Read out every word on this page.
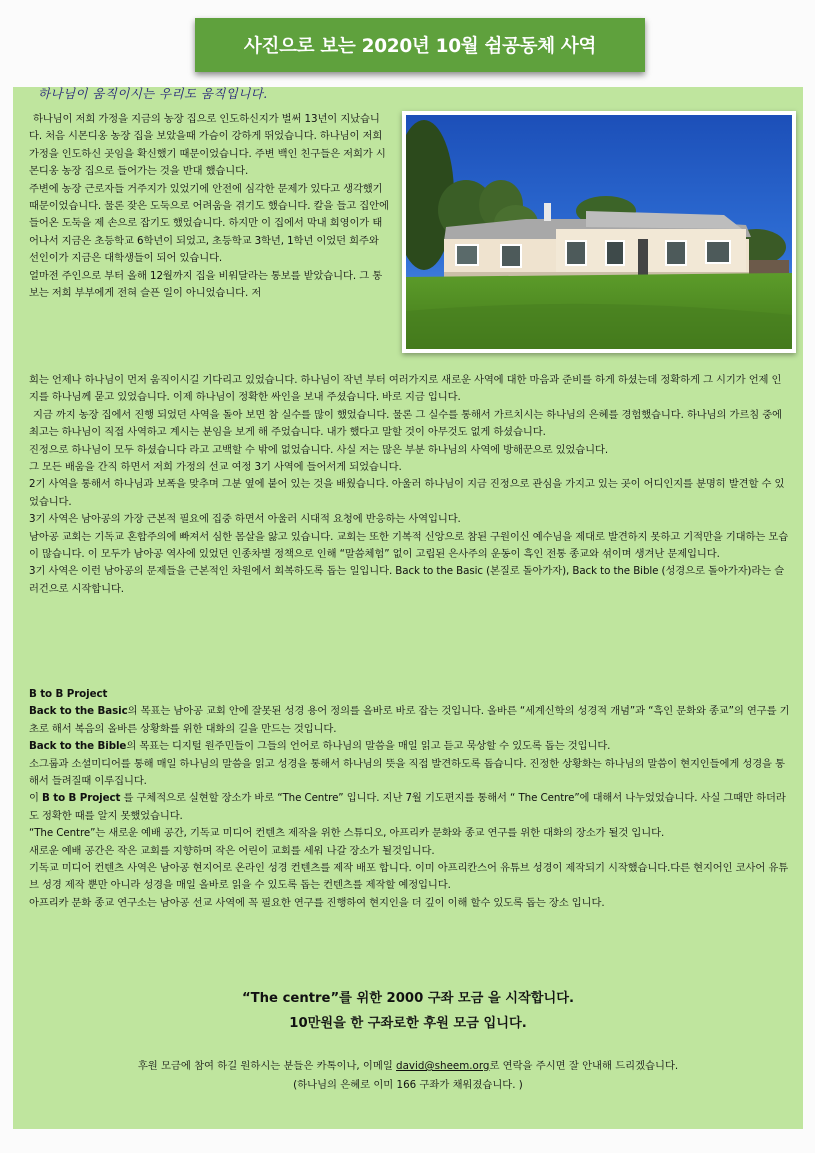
사진으로 보는 2020년 10월 쉼공동체 사역
하나님이 움직이시는 우리도 움직입니다.

하나님이 저희 가정을 지금의 농장 집으로 인도하신지가 벌써 13년이 지났습니다. 처음 시몬디옹 농장 집을 보았을때 가슴이 강하게 뛰었습니다. 하나님이 저희 가정을 인도하신 곳임을 확신했기 때문이었습니다. 주변 백인 친구들은 저희가 시몬디옹 농장 집으로 들어가는 것을 반대 했습니다.

주변에 농장 근로자들 거주지가 있었기에 안전에 심각한 문제가 있다고 생각했기 때문이었습니다. 물론 잦은 도둑으로 어려움을 겪기도 했습니다. 칼을 들고 집안에 들어온 도둑을 제 손으로 잡기도 했었습니다. 하지만 이 집에서 막내 희영이가 태어나서 지금은 초등학교 6학년이 되었고, 초등학교 3학년, 1학년 이었던 희주와 선인이가 지금은 대학생들이 되어 있습니다.

얼마전 주인으로 부터 올해 12월까지 집을 비워달라는 통보를 받았습니다. 그 통보는 저희 부부에게 전혀 슬픈 일이 아니었습니다. 저

희는 언제나 하나님이 먼저 움직이시길 기다리고 있었습니다. 하나님이 작년 부터 여러가지로 새로운 사역에 대한 마음과 준비를 하게 하셨는데 정확하게 그 시기가 언제 인지를 하나님께 묻고 있었습니다. 이제 하나님이 정확한 싸인을 보내 주셨습니다. 바로 지금 입니다.

지금 까지 농장 집에서 진행 되었던 사역을 돌아 보면 참 실수를 많이 했었습니다. 물론 그 실수를 통해서 가르치시는 하나님의 은혜를 경험했습니다. 하나님의 가르침 중에 최고는 하나님이 직접 사역하고 계시는 분임을 보게 해 주었습니다. 내가 했다고 말할 것이 아무것도 없게 하셨습니다.

진정으로 하나님이 모두 하셨습니다 라고 고백할 수 밖에 없었습니다. 사실 저는 많은 부분 하나님의 사역에 방해꾼으로 있었습니다.

그 모든 배움을 간직 하면서 저희 가정의 선교 여정 3기 사역에 들어서게 되었습니다.

2기 사역을 통해서 하나님과 보폭을 맞추며 그분 옆에 붙어 있는 것을 배웠습니다. 아울러 하나님이 지금 진정으로 관심을 가지고 있는 곳이 어디인지를 분명히 발견할 수 있었습니다.

3기 사역은 남아공의 가장 근본적 필요에 집중 하면서 아울러 시대적 요청에 반응하는 사역입니다.

남아공 교회는 기독교 혼합주의에 빠져서 심한 몸살을 앓고 있습니다. 교회는 또한 기복적 신앙으로 참된 구원이신 예수님을 제대로 발견하지 못하고 기적만을 기대하는 모습이 많습니다. 이 모두가 남아공 역사에 있었던 인종차별 정책으로 인해 “말씀체험” 없이 고립된 은사주의 운동이 흑인 전통 종교와 섞이며 생겨난 문제입니다.

3기 사역은 이런 남아공의 문제들을 근본적인 차원에서 회복하도록 돕는 일입니다. Back to the Basic (본질로 돌아가자), Back to the Bible (성경으로 돌아가자)라는 슬러건으로 시작합니다.

B to B Project

Back to the Basic의 목표는 남아공 교회 안에 잘못된 성경 용어 정의를 올바로 바로 잡는 것입니다. 올바른 “세계신학의 성경적 개념”과 “흑인 문화와 종교”의 연구를 기초로 해서 복음의 올바른 상황화를 위한 대화의 길을 만드는 것입니다.

Back to the Bible의 목표는 디지털 원주민들이 그들의 언어로 하나님의 말씀을 매일 읽고 듣고 묵상할 수 있도록 돕는 것입니다.

소그룹과 소셜미디어를 통해 매일 하나님의 말씀을 읽고 성경을 통해서 하나님의 뜻을 직접 발견하도록 돕습니다. 진정한 상황화는 하나님의 말씀이 현지인들에게 성경을 통해서 들려질때 이루집니다.

이 B to B Project 를 구체적으로 실현할 장소가 바로 “The Centre” 입니다. 지난 7월 기도편지를 통해서 “ The Centre”에 대해서 나누었었습니다. 사실 그때만 하더라도 정확한 때를 알지 못했었습니다.

“The Centre”는 새로운 예배 공간, 기독교 미디어 컨텐츠 제작을 위한 스튜디오, 아프리카 문화와 종교 연구를 위한 대화의 장소가 될것 입니다.

새로운 예배 공간은 작은 교회를 지향하며 작은 어린이 교회를 세워 나갈 장소가 될것입니다.

기독교 미디어 컨텐츠 사역은 남아공 현지어로 온라인 성경 컨텐츠를 제작 배포 합니다. 이미 아프리칸스어 유튜브 성경이 제작되기 시작했습니다.다른 현지어인 코사어 유튜브 성경 제작 뿐만 아니라 성경을 매일 올바로 읽을 수 있도록 돕는 컨텐츠를 제작할 예정입니다.

아프리카 문화 종교 연구소는 남아공 선교 사역에 꼭 필요한 연구를 진행하여 현지인을 더 깊이 이해 할수 있도록 돕는 장소 입니다.

“The centre”를 위한 2000 구좌 모금 을 시작합니다.
10만원을 한 구좌로한 후원 모금 입니다.
후원 모금에 참여 하길 원하시는 분들은 카톡이나, 이메일 david@sheem.org로 연락을 주시면 잘 안내해 드리겠습니다.
(하나님의 은혜로 이미 166 구좌가 채워졌습니다. )
